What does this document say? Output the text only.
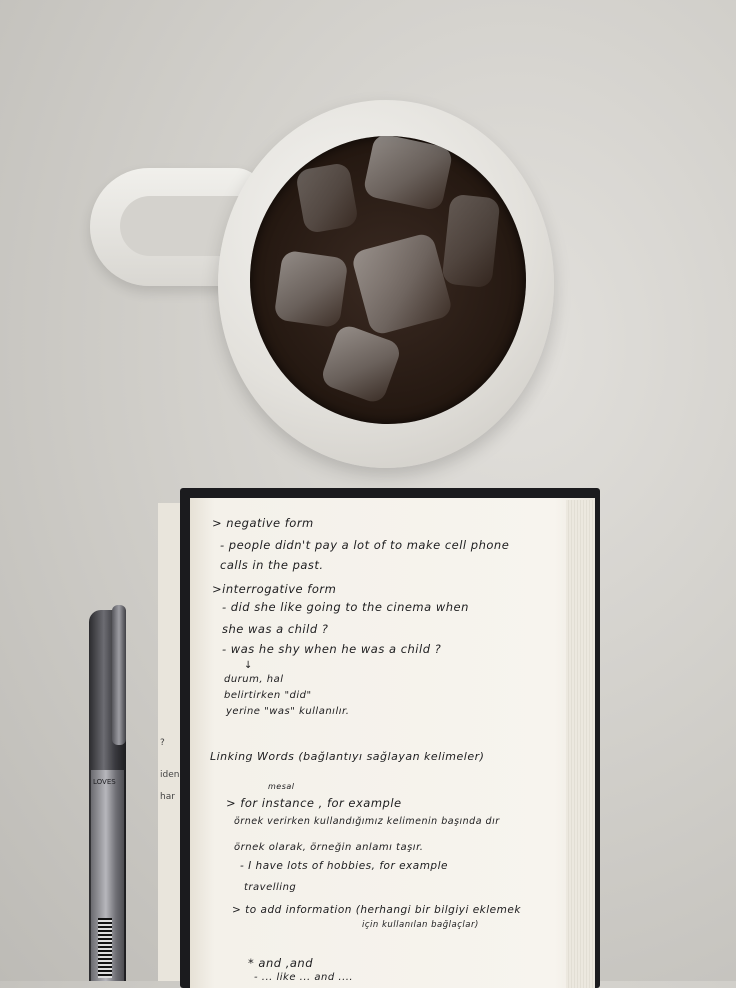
?
iden
har
> negative form
- people didn't pay a lot of to make cell phone
calls in the past.
>interrogative form
- did she like going to the cinema when
she was a child ?
- was he shy when he was a child ?
↓
durum, hal
belirtirken "did"
yerine "was" kullanılır.
Linking Words (bağlantıyı sağlayan kelimeler)
mesal
> for instance , for example
örnek verirken kullandığımız kelimenin başında dır
örnek olarak, örneğin anlamı taşır.
- I have lots of hobbies, for example
travelling
> to add information (herhangi bir bilgiyi eklemek
için kullanılan bağlaçlar)
* and ,and
- ... like ... and ....
LOVES
